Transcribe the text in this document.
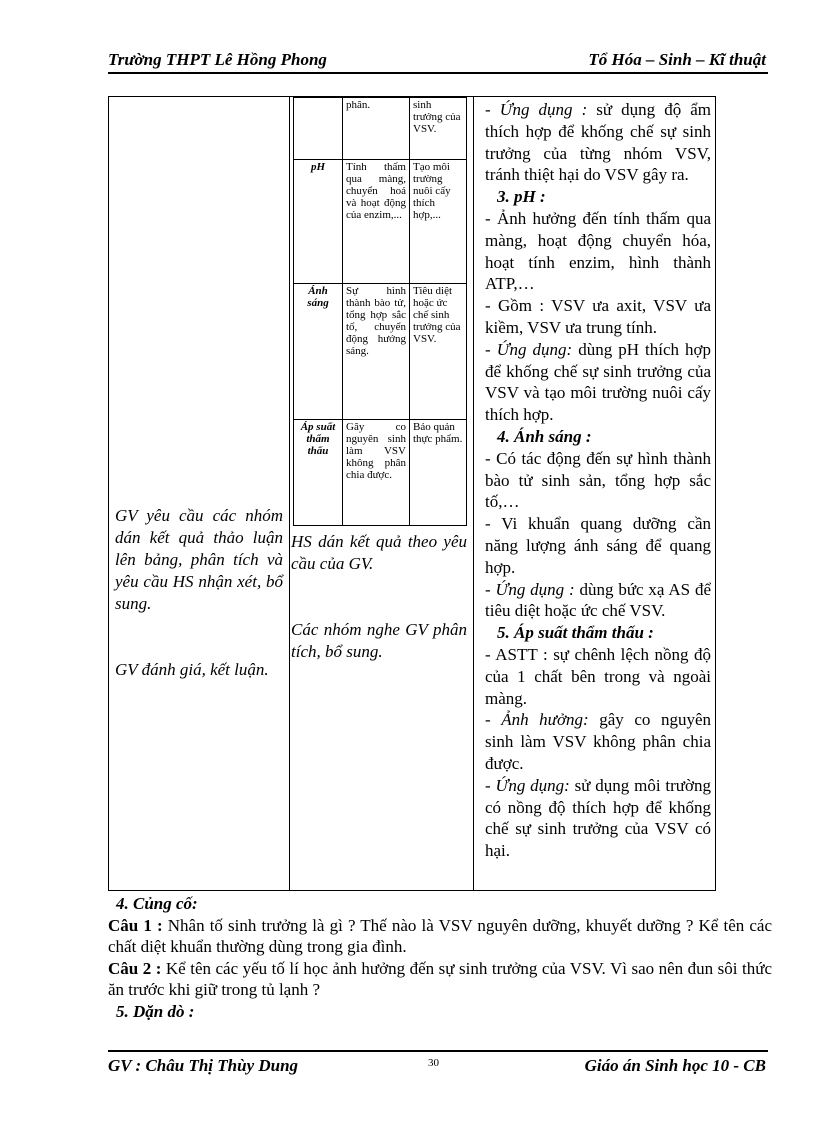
Trường THPT Lê Hồng Phong	Tổ Hóa – Sinh – Kĩ thuật

GV yêu cầu các nhóm dán kết quả thảo luận lên bảng, phân tích và yêu cầu HS nhận xét, bổ sung.

GV đánh giá, kết luận.

	phân.	sinh trưởng của VSV.
pH	Tính thấm qua màng, chuyển hoá và hoạt động của enzim,...	Tạo môi trường nuôi cấy thích hợp,...
Ánh sáng	Sự hình thành bào tử, tổng hợp sắc tố, chuyển động hướng sáng.	Tiêu diệt hoặc ức chế sinh trưởng của VSV.
Áp suất thẩm thấu	Gây co nguyên sinh làm VSV không phân chia được.	Bảo quản thực phẩm.

HS dán kết quả theo yêu cầu của GV.

Các nhóm nghe GV phân tích, bổ sung.

- Ứng dụng : sử dụng độ ẩm thích hợp để khống chế sự sinh trưởng của từng nhóm VSV, tránh thiệt hại do VSV gây ra.

3. pH :

- Ảnh hưởng đến tính thấm qua màng, hoạt động chuyển hóa, hoạt tính enzim, hình thành ATP,…

- Gồm : VSV ưa axit, VSV ưa kiềm, VSV ưa trung tính.

- Ứng dụng: dùng pH thích hợp để khống chế sự sinh trưởng của VSV và tạo môi trường nuôi cấy thích hợp.

4. Ánh sáng :

- Có tác động đến sự hình thành bào tử sinh sản, tổng hợp sắc tố,…

- Vi khuẩn quang dưỡng cần năng lượng ánh sáng để quang hợp.

- Ứng dụng : dùng bức xạ AS để tiêu diệt hoặc ức chế VSV.

5. Áp suất thẩm thấu :

- ASTT : sự chênh lệch nồng độ của 1 chất bên trong và ngoài màng.

- Ảnh hưởng: gây co nguyên sinh làm VSV không phân chia được.

- Ứng dụng: sử dụng môi trường có nồng độ thích hợp để khống chế sự sinh trưởng của VSV có hại.

4. Củng cố:

Câu 1 : Nhân tố sinh trưởng là gì ? Thế nào là VSV nguyên dưỡng, khuyết dưỡng ? Kể tên các chất diệt khuẩn thường dùng trong gia đình.

Câu 2 : Kể tên các yếu tố lí học ảnh hưởng đến sự sinh trưởng của VSV. Vì sao nên đun sôi thức ăn trước khi giữ trong tủ lạnh ?

5. Dặn dò :

30
GV : Châu Thị Thùy Dung	Giáo án Sinh học 10 - CB
